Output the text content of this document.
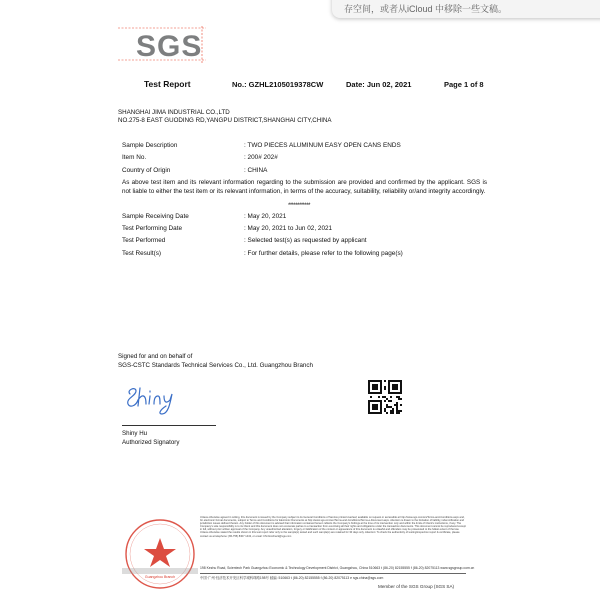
存空间，或者从iCloud 中移除一些文稿。
SGS
Test Report	No.: GZHL2105019378CW	Date: Jun 02, 2021	Page 1 of 8
SHANGHAI JIMA INDUSTRIAL CO.,LTD
NO.275-8 EAST GUODING RD,YANGPU DISTRICT,SHANGHAI CITY,CHINA
Sample Description	: TWO PIECES ALUMINUM EASY OPEN CANS ENDS
Item No.	: 200# 202#
Country of Origin	: CHINA
As above test item and its relevant information regarding to the submission are provided and confirmed by the applicant. SGS is not liable to either the test item or its relevant information, in terms of the accuracy, suitability, reliability or/and integrity accordingly.
************
Sample Receiving Date	: May 20, 2021
Test Performing Date	: May 20, 2021 to Jun 02, 2021
Test Performed	: Selected test(s) as requested by applicant
Test Result(s)	: For further details, please refer to the following page(s)
Signed for and on behalf of
SGS-CSTC Standards Technical Services Co., Ltd. Guangzhou Branch
Shiny Hu
Authorized Signatory
Guangzhou Branch
Unless otherwise agreed in writing, this document is issued by the Company subject to its General Conditions of Service printed overleaf, available on request or accessible at http://www.sgs.com/en/Terms-and-Conditions.aspx and, for electronic format documents, subject to Terms and Conditions for Electronic Documents at http://www.sgs.com/en/Terms-and-Conditions/Terms-e-Document.aspx. Attention is drawn to the limitation of liability, indemnification and jurisdiction issues defined therein. Any holder of this document is advised that information contained hereon reflects the Company's findings at the time of its intervention only and within the limits of Client's instructions, if any. The Company's sole responsibility is to its Client and this document does not exonerate parties to a transaction from exercising all their rights and obligations under the transaction documents. This document cannot be reproduced except in full, without prior written approval of the Company. Any unauthorized alteration, forgery or falsification of the content or appearance of this document is unlawful and offenders may be prosecuted to the fullest extent of the law. Unless otherwise stated the results shown in this test report refer only to the sample(s) tested and such sample(s) are retained for 30 days only. Attention: To check the authenticity of testing/inspection report & certificate, please contact us at telephone: (86-755) 8307 1443, or email: CN.Doccheck@sgs.com
198 Kezhu Road, Scientech Park Guangzhou Economic & Technology Development District, Guangzhou, China 510663 t (86-20) 82155555 f (86-20) 82075113 www.sgsgroup.com.cn
中国·广州·经济技术开发区科学城科珠路198号 邮编: 510663 t (86-20) 82155555 f (86-20) 82075113 e sgs.china@sgs.com
Member of the SGS Group (SGS SA)
